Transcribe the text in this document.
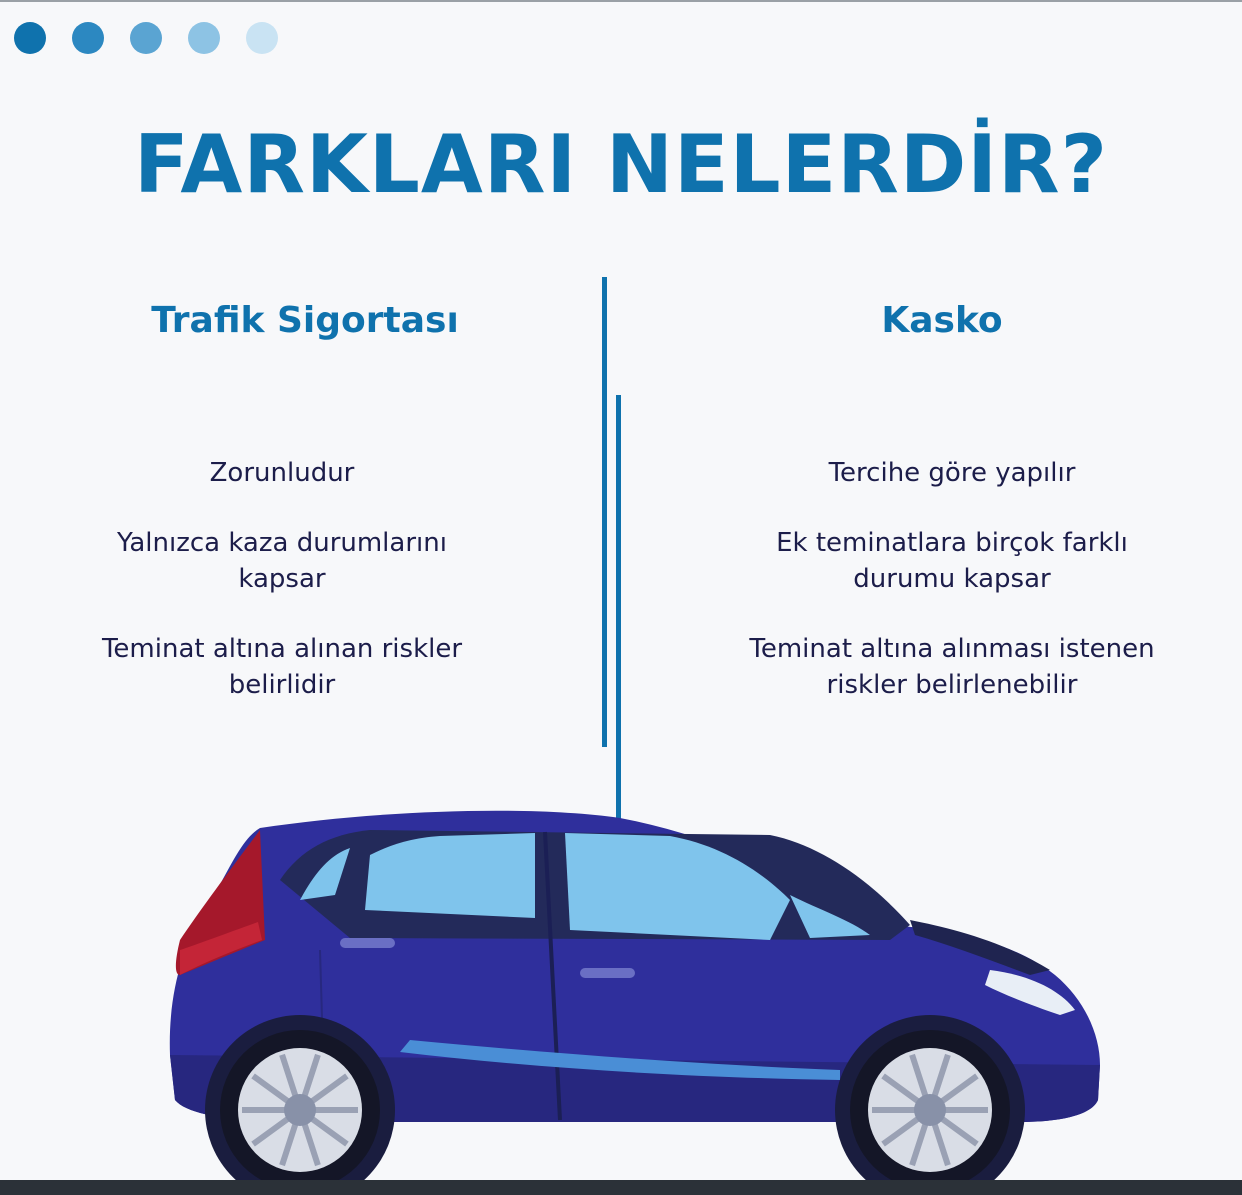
FARKLARI NELERDİR?
Trafik Sigortası	Kasko
Zorunludur
Yalnızca kaza durumlarını kapsar
Teminat altına alınan riskler belirlidir
Tercihe göre yapılır
Ek teminatlara birçok farklı durumu kapsar
Teminat altına alınması istenen riskler belirlenebilir
